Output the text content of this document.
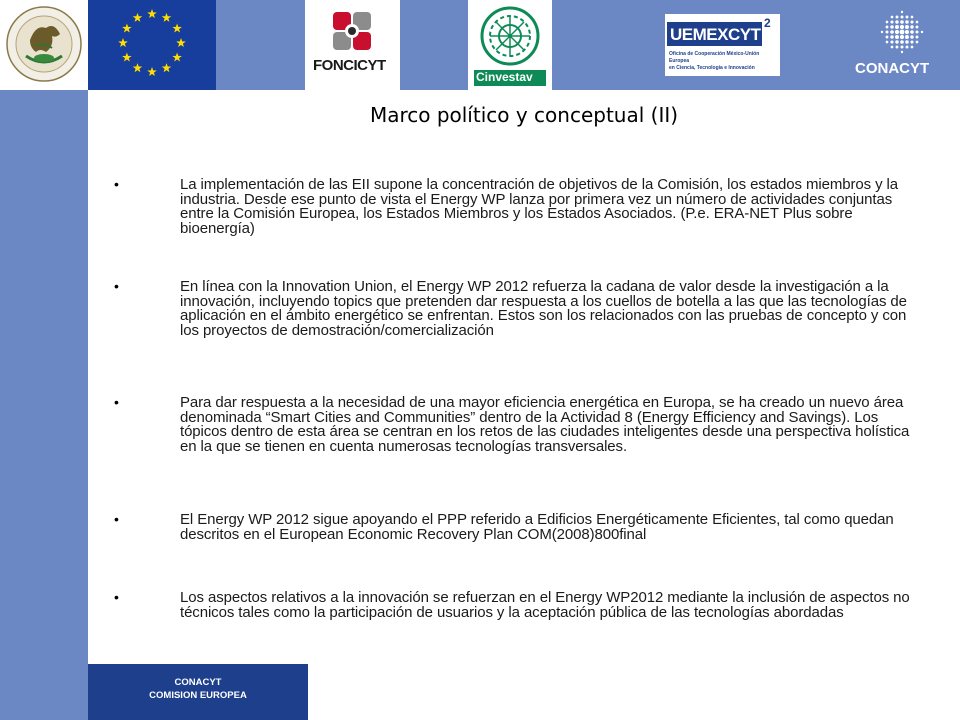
FONCICYT
Cinvestav
UEMEXCYT
2
Oficina de Cooperación México-Unión Europea
en Ciencia, Tecnología e Innovación	CONACYT
CONACYT
COMISION EUROPEA
Marco político y conceptual (II)
•	La implementación de las EII supone la concentración de objetivos de la Comisión, los estados miembros y la industria. Desde ese punto de vista el Energy WP lanza por primera vez un número de actividades conjuntas entre la Comisión Europea, los Estados Miembros y los Estados Asociados. (P.e. ERA-NET Plus sobre bioenergía)
•	En línea con la Innovation Union, el Energy WP 2012 refuerza la cadana de valor desde la investigación a la innovación, incluyendo topics que pretenden dar respuesta a los cuellos de botella a las que las tecnologías de aplicación en el ámbito energético se enfrentan. Estos son los relacionados con las pruebas de concepto y con los proyectos de demostración/comercialización
•	Para dar respuesta a la necesidad de una mayor eficiencia energética en Europa, se ha creado un nuevo área denominada “Smart Cities and Communities” dentro de la Actividad 8 (Energy Efficiency and Savings). Los tópicos dentro de esta área se centran en los retos de las ciudades inteligentes desde una perspectiva holística en la que se tienen en cuenta numerosas tecnologías transversales.
•	El Energy WP 2012 sigue apoyando el PPP referido a Edificios Energéticamente Eficientes, tal como quedan descritos en el European Economic Recovery Plan COM(2008)800final
•	Los aspectos relativos a la innovación se refuerzan en el Energy WP2012 mediante la inclusión de aspectos no técnicos tales como la participación de usuarios y la aceptación pública de las tecnologías abordadas
